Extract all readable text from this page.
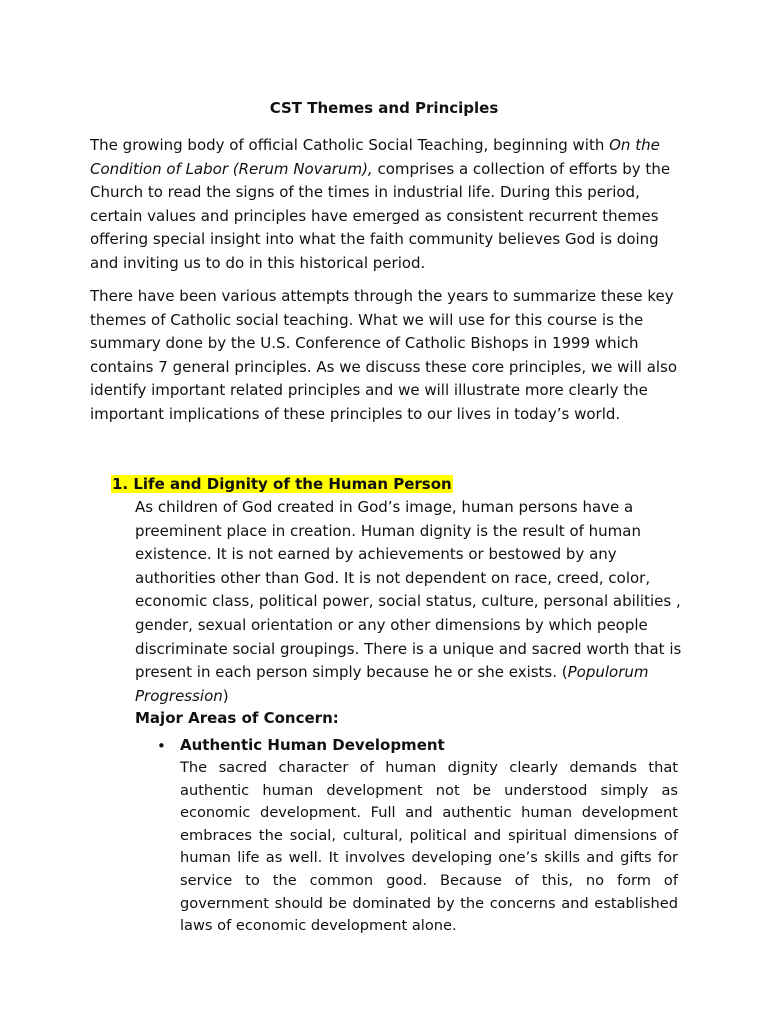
CST Themes and Principles

The growing body of official Catholic Social Teaching, beginning with On the Condition of Labor (Rerum Novarum), comprises a collection of efforts by the Church to read the signs of the times in industrial life. During this period, certain values and principles have emerged as consistent recurrent themes offering special insight into what the faith community believes God is doing and inviting us to do in this historical period.

There have been various attempts through the years to summarize these key themes of Catholic social teaching. What we will use for this course is the summary done by the U.S. Conference of Catholic Bishops in 1999 which contains 7 general principles. As we discuss these core principles, we will also identify important related principles and we will illustrate more clearly the important implications of these principles to our lives in today’s world.

1. Life and Dignity of the Human Person

As children of God created in God’s image, human persons have a preeminent place in creation. Human dignity is the result of human existence. It is not earned by achievements or bestowed by any authorities other than God. It is not dependent on race, creed, color, economic class, political power, social status, culture, personal abilities , gender, sexual orientation or any other dimensions by which people discriminate social groupings. There is a unique and sacred worth that is present in each person simply because he or she exists. (Populorum Progression)

Major Areas of Concern:
• Authentic Human Development

The sacred character of human dignity clearly demands that authentic human development not be understood simply as economic development. Full and authentic human development embraces the social, cultural, political and spiritual dimensions of human life as well. It involves developing one’s skills and gifts for service to the common good. Because of this, no form of government should be dominated by the concerns and established laws of economic development alone.
